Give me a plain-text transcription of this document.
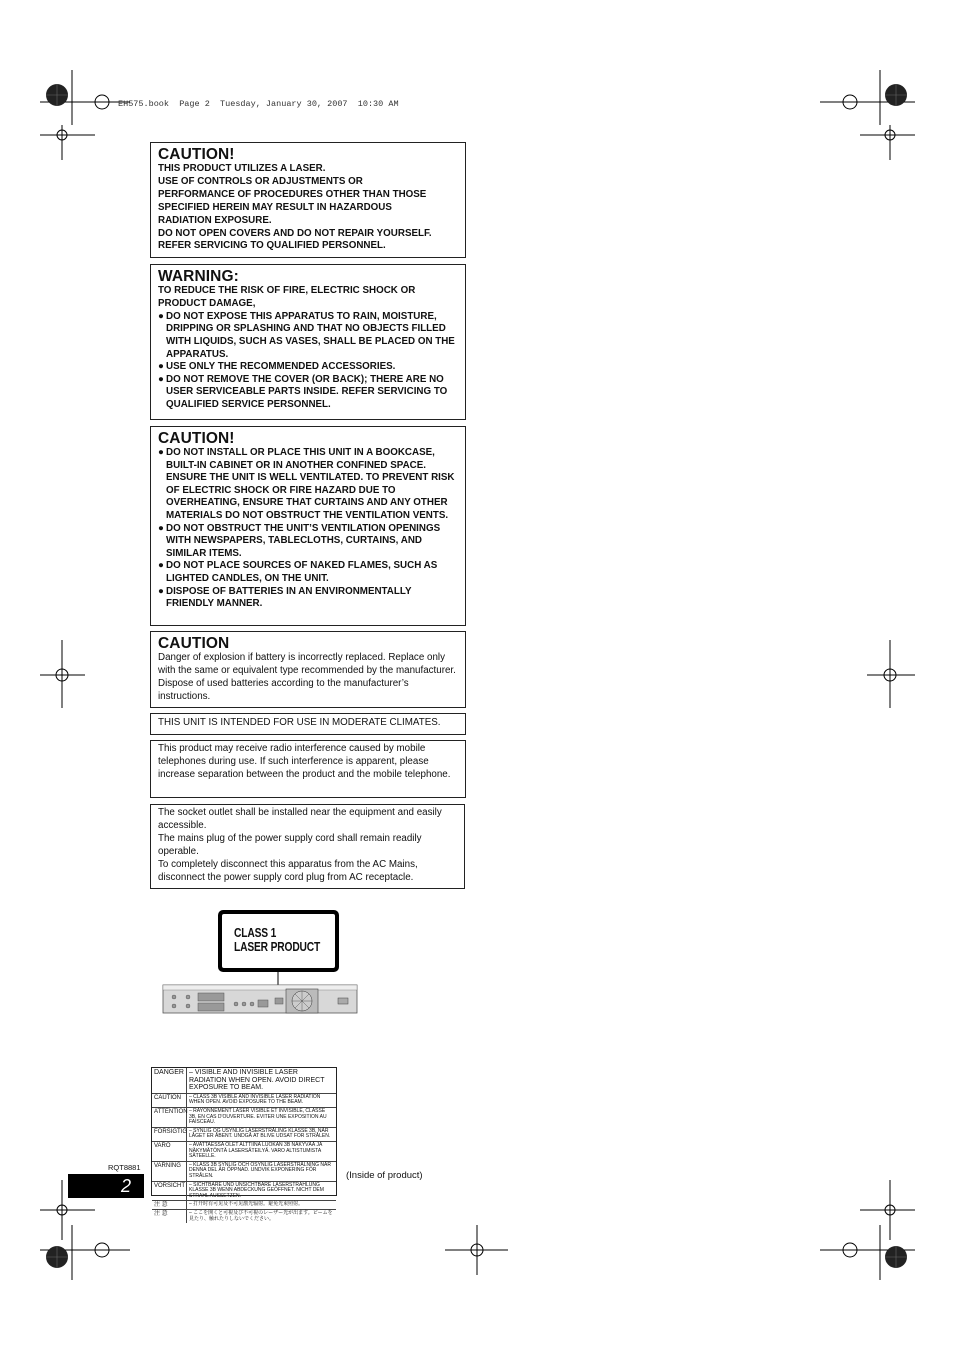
EH575.book  Page 2  Tuesday, January 30, 2007  10:30 AM
CAUTION!

THIS PRODUCT UTILIZES A LASER.

USE OF CONTROLS OR ADJUSTMENTS OR

PERFORMANCE OF PROCEDURES OTHER THAN THOSE

SPECIFIED HEREIN MAY RESULT IN HAZARDOUS

RADIATION EXPOSURE.

DO NOT OPEN COVERS AND DO NOT REPAIR YOURSELF.

REFER SERVICING TO QUALIFIED PERSONNEL.

WARNING:

TO REDUCE THE RISK OF FIRE, ELECTRIC SHOCK OR

PRODUCT DAMAGE,

● DO NOT EXPOSE THIS APPARATUS TO RAIN, MOISTURE, DRIPPING OR SPLASHING AND THAT NO OBJECTS FILLED WITH LIQUIDS, SUCH AS VASES, SHALL BE PLACED ON THE APPARATUS.

● USE ONLY THE RECOMMENDED ACCESSORIES.

● DO NOT REMOVE THE COVER (OR BACK); THERE ARE NO USER SERVICEABLE PARTS INSIDE. REFER SERVICING TO QUALIFIED SERVICE PERSONNEL.

CAUTION!

● DO NOT INSTALL OR PLACE THIS UNIT IN A BOOKCASE, BUILT-IN CABINET OR IN ANOTHER CONFINED SPACE. ENSURE THE UNIT IS WELL VENTILATED. TO PREVENT RISK OF ELECTRIC SHOCK OR FIRE HAZARD DUE TO OVERHEATING, ENSURE THAT CURTAINS AND ANY OTHER MATERIALS DO NOT OBSTRUCT THE VENTILATION VENTS.

● DO NOT OBSTRUCT THE UNIT’S VENTILATION OPENINGS WITH NEWSPAPERS, TABLECLOTHS, CURTAINS, AND SIMILAR ITEMS.

● DO NOT PLACE SOURCES OF NAKED FLAMES, SUCH AS LIGHTED CANDLES, ON THE UNIT.

● DISPOSE OF BATTERIES IN AN ENVIRONMENTALLY FRIENDLY MANNER.

CAUTION

Danger of explosion if battery is incorrectly replaced. Replace only with the same or equivalent type recommended by the manufacturer. Dispose of used batteries according to the manufacturer’s instructions.

THIS UNIT IS INTENDED FOR USE IN MODERATE CLIMATES.

This product may receive radio interference caused by mobile telephones during use. If such interference is apparent, please increase separation between the product and the mobile telephone.

The socket outlet shall be installed near the equipment and easily accessible.

The mains plug of the power supply cord shall remain readily operable.

To completely disconnect this apparatus from the AC Mains, disconnect the power supply cord plug from AC receptacle.

CLASS 1
LASER PRODUCT
DANGER – VISIBLE AND INVISIBLE LASER RADIATION WHEN OPEN. AVOID DIRECT EXPOSURE TO BEAM.
CAUTION	– CLASS 3B VISIBLE AND INVISIBLE LASER RADIATION WHEN OPEN. AVOID EXPOSURE TO THE BEAM.
ATTENTION – RAYONNEMENT LASER VISIBLE ET INVISIBLE, CLASSE 3B, EN CAS D'OUVERTURE. EVITER UNE EXPOSITION AU FAISCEAU.
FORSIGTIG – SYNLIG OG USYNLIG LASERSTRÅLING KLASSE 3B, NÅR LÅGET ER ÅBENT. UNDGÅ AT BLIVE UDSAT FOR STRÅLEN.
VARO	– AVATTAESSA OLET ALTTIINA LUOKAN 3B NÄKYVÄÄ JA NÄKYMÄTÖNTÄ LASERSÄTEILYÄ. VARO ALTISTUMISTA SÄTEELLE.
VARNING	– KLASS 3B SYNLIG OCH OSYNLIG LASERSTRÅLNING NÄR DENNA DEL ÄR ÖPPNAD. UNDVIK EXPONERING FÖR STRÅLEN.
VORSICHT – SICHTBARE UND UNSICHTBARE LASERSTRAHLUNG KLASSE 3B WENN ABDECKUNG GEÖFFNET. NICHT DEM STRAHL AUSSETZEN.
注 意	– 打开时有可见及不可见激光辐射。避免光束照射。
注 意	– ここを開くと可視及び不可視のレーザー光が出ます。ビームを見たり、触れたりしないでください。
(Inside of product)
RQT8881
2
